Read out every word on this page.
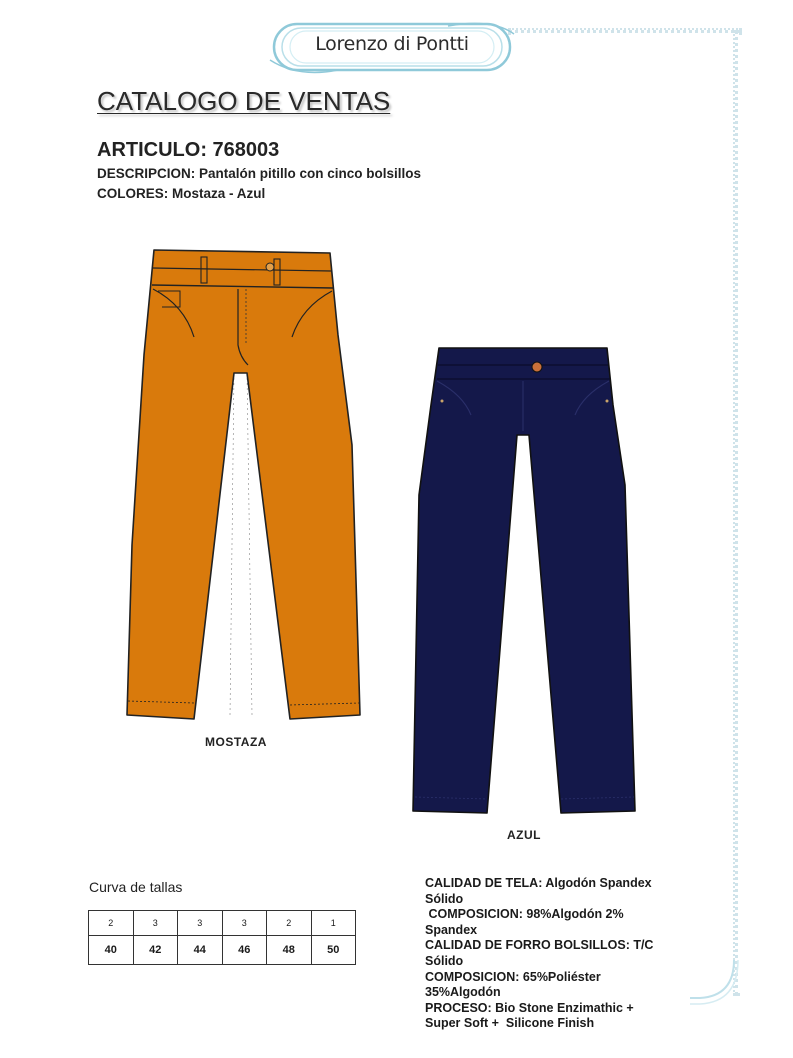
Lorenzo di Pontti
CATALOGO DE VENTAS
ARTICULO: 768003
DESCRIPCION: Pantalón pitillo con cinco bolsillos
COLORES: Mostaza - Azul
MOSTAZA
AZUL
Curva de tallas
2	3	3	3	2	1
40	42	44	46	48	50
CALIDAD DE TELA: Algodón Spandex
Sólido
COMPOSICION: 98%Algodón 2%
Spandex
CALIDAD DE FORRO BOLSILLOS: T/C
Sólido
COMPOSICION: 65%Poliéster
35%Algodón
PROCESO: Bio Stone Enzimathic +
Super Soft +  Silicone Finish
